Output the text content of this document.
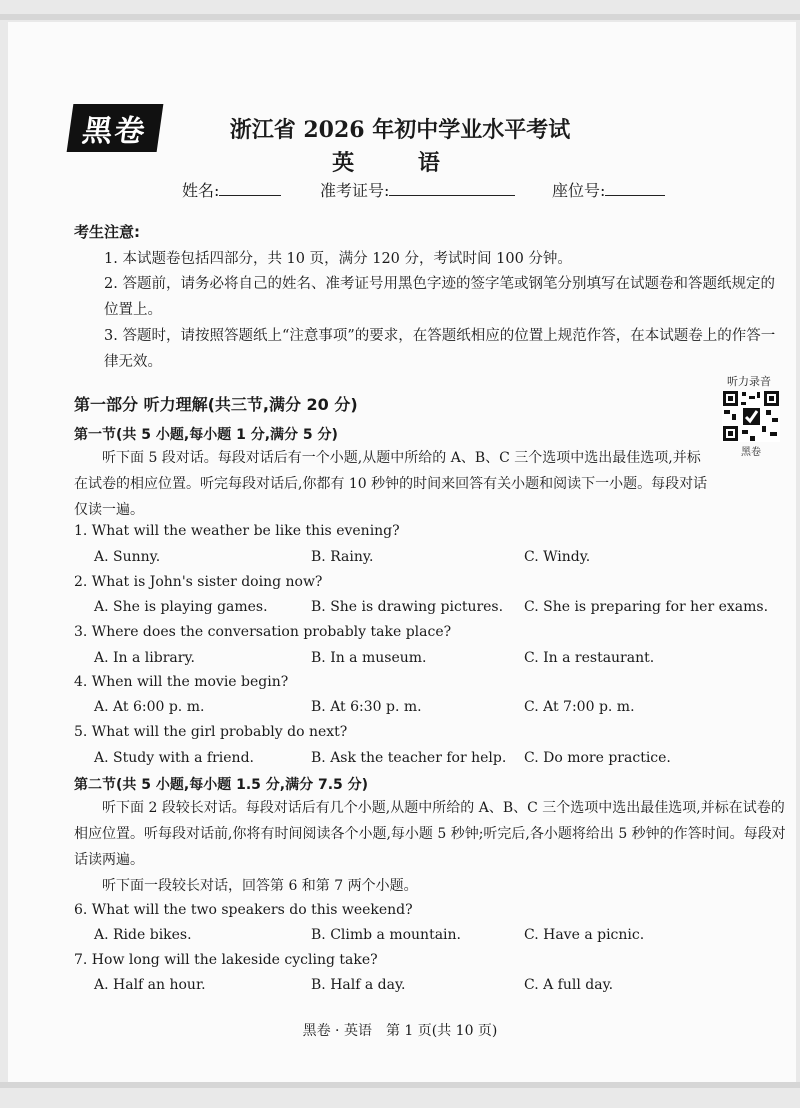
黑卷	浙江省 2026 年初中学业水平考试
英 语
姓名:	准考证号:	座位号:
考生注意:
1. 本试题卷包括四部分，共 10 页，满分 120 分，考试时间 100 分钟。
2. 答题前，请务必将自己的姓名、准考证号用黑色字迹的签字笔或钢笔分别填写在试题卷和答题纸规定的位置上。
3. 答题时，请按照答题纸上“注意事项”的要求，在答题纸相应的位置上规范作答，在本试题卷上的作答一律无效。
第一部分 听力理解(共三节,满分 20 分)
听力录音
黑卷
第一节(共 5 小题,每小题 1 分,满分 5 分)
听下面 5 段对话。每段对话后有一个小题,从题中所给的 A、B、C 三个选项中选出最佳选项,并标在试卷的相应位置。听完每段对话后,你都有 10 秒钟的时间来回答有关小题和阅读下一小题。每段对话仅读一遍。
1. What will the weather be like this evening?
A. Sunny.	B. Rainy.	C. Windy.
2. What is John's sister doing now?
A. She is playing games.	B. She is drawing pictures. C. She is preparing for her exams.
3. Where does the conversation probably take place?
A. In a library.	B. In a museum.	C. In a restaurant.
4. When will the movie begin?
A. At 6:00 p. m.	B. At 6:30 p. m.	C. At 7:00 p. m.
5. What will the girl probably do next?
A. Study with a friend.	B. Ask the teacher for help. C. Do more practice.
第二节(共 5 小题,每小题 1.5 分,满分 7.5 分)
听下面 2 段较长对话。每段对话后有几个小题,从题中所给的 A、B、C 三个选项中选出最佳选项,并标在试卷的相应位置。听每段对话前,你将有时间阅读各个小题,每小题 5 秒钟;听完后,各小题将给出 5 秒钟的作答时间。每段对话读两遍。
听下面一段较长对话，回答第 6 和第 7 两个小题。
6. What will the two speakers do this weekend?
A. Ride bikes.	B. Climb a mountain.	C. Have a picnic.
7. How long will the lakeside cycling take?
A. Half an hour.	B. Half a day.	C. A full day.
黑卷 · 英语　第 1 页(共 10 页)
